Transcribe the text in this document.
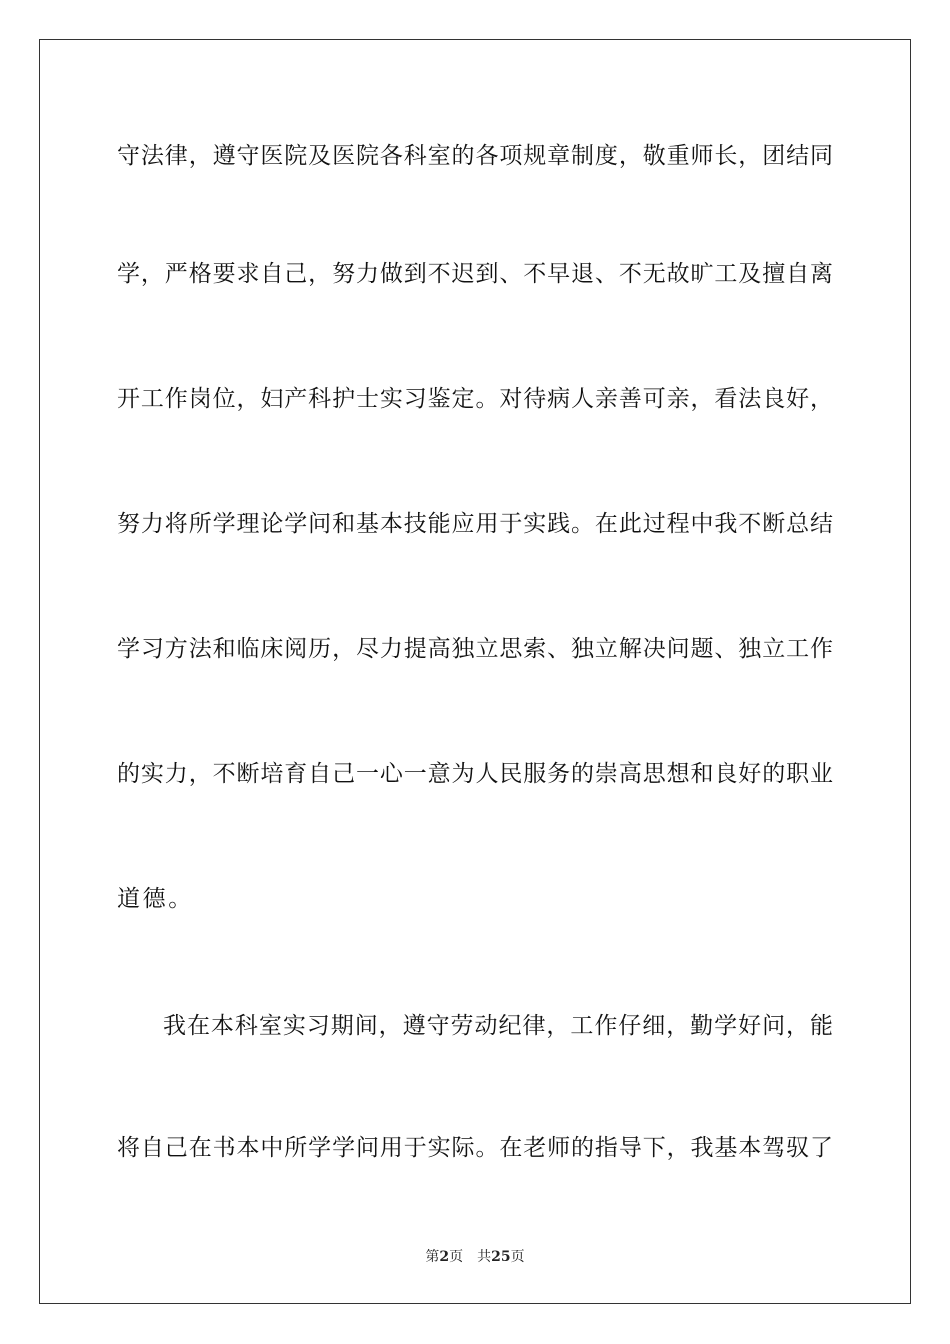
守法律，遵守医院及医院各科室的各项规章制度，敬重师长，团结同
学，严格要求自己，努力做到不迟到、不早退、不无故旷工及擅自离
开工作岗位，妇产科护士实习鉴定。对待病人亲善可亲，看法良好，
努力将所学理论学问和基本技能应用于实践。在此过程中我不断总结
学习方法和临床阅历，尽力提高独立思索、独立解决问题、独立工作
的实力，不断培育自己一心一意为人民服务的崇高思想和良好的职业
道德。
我在本科室实习期间，遵守劳动纪律，工作仔细，勤学好问，能
将自己在书本中所学学问用于实际。在老师的指导下，我基本驾驭了
第2页 共25页
